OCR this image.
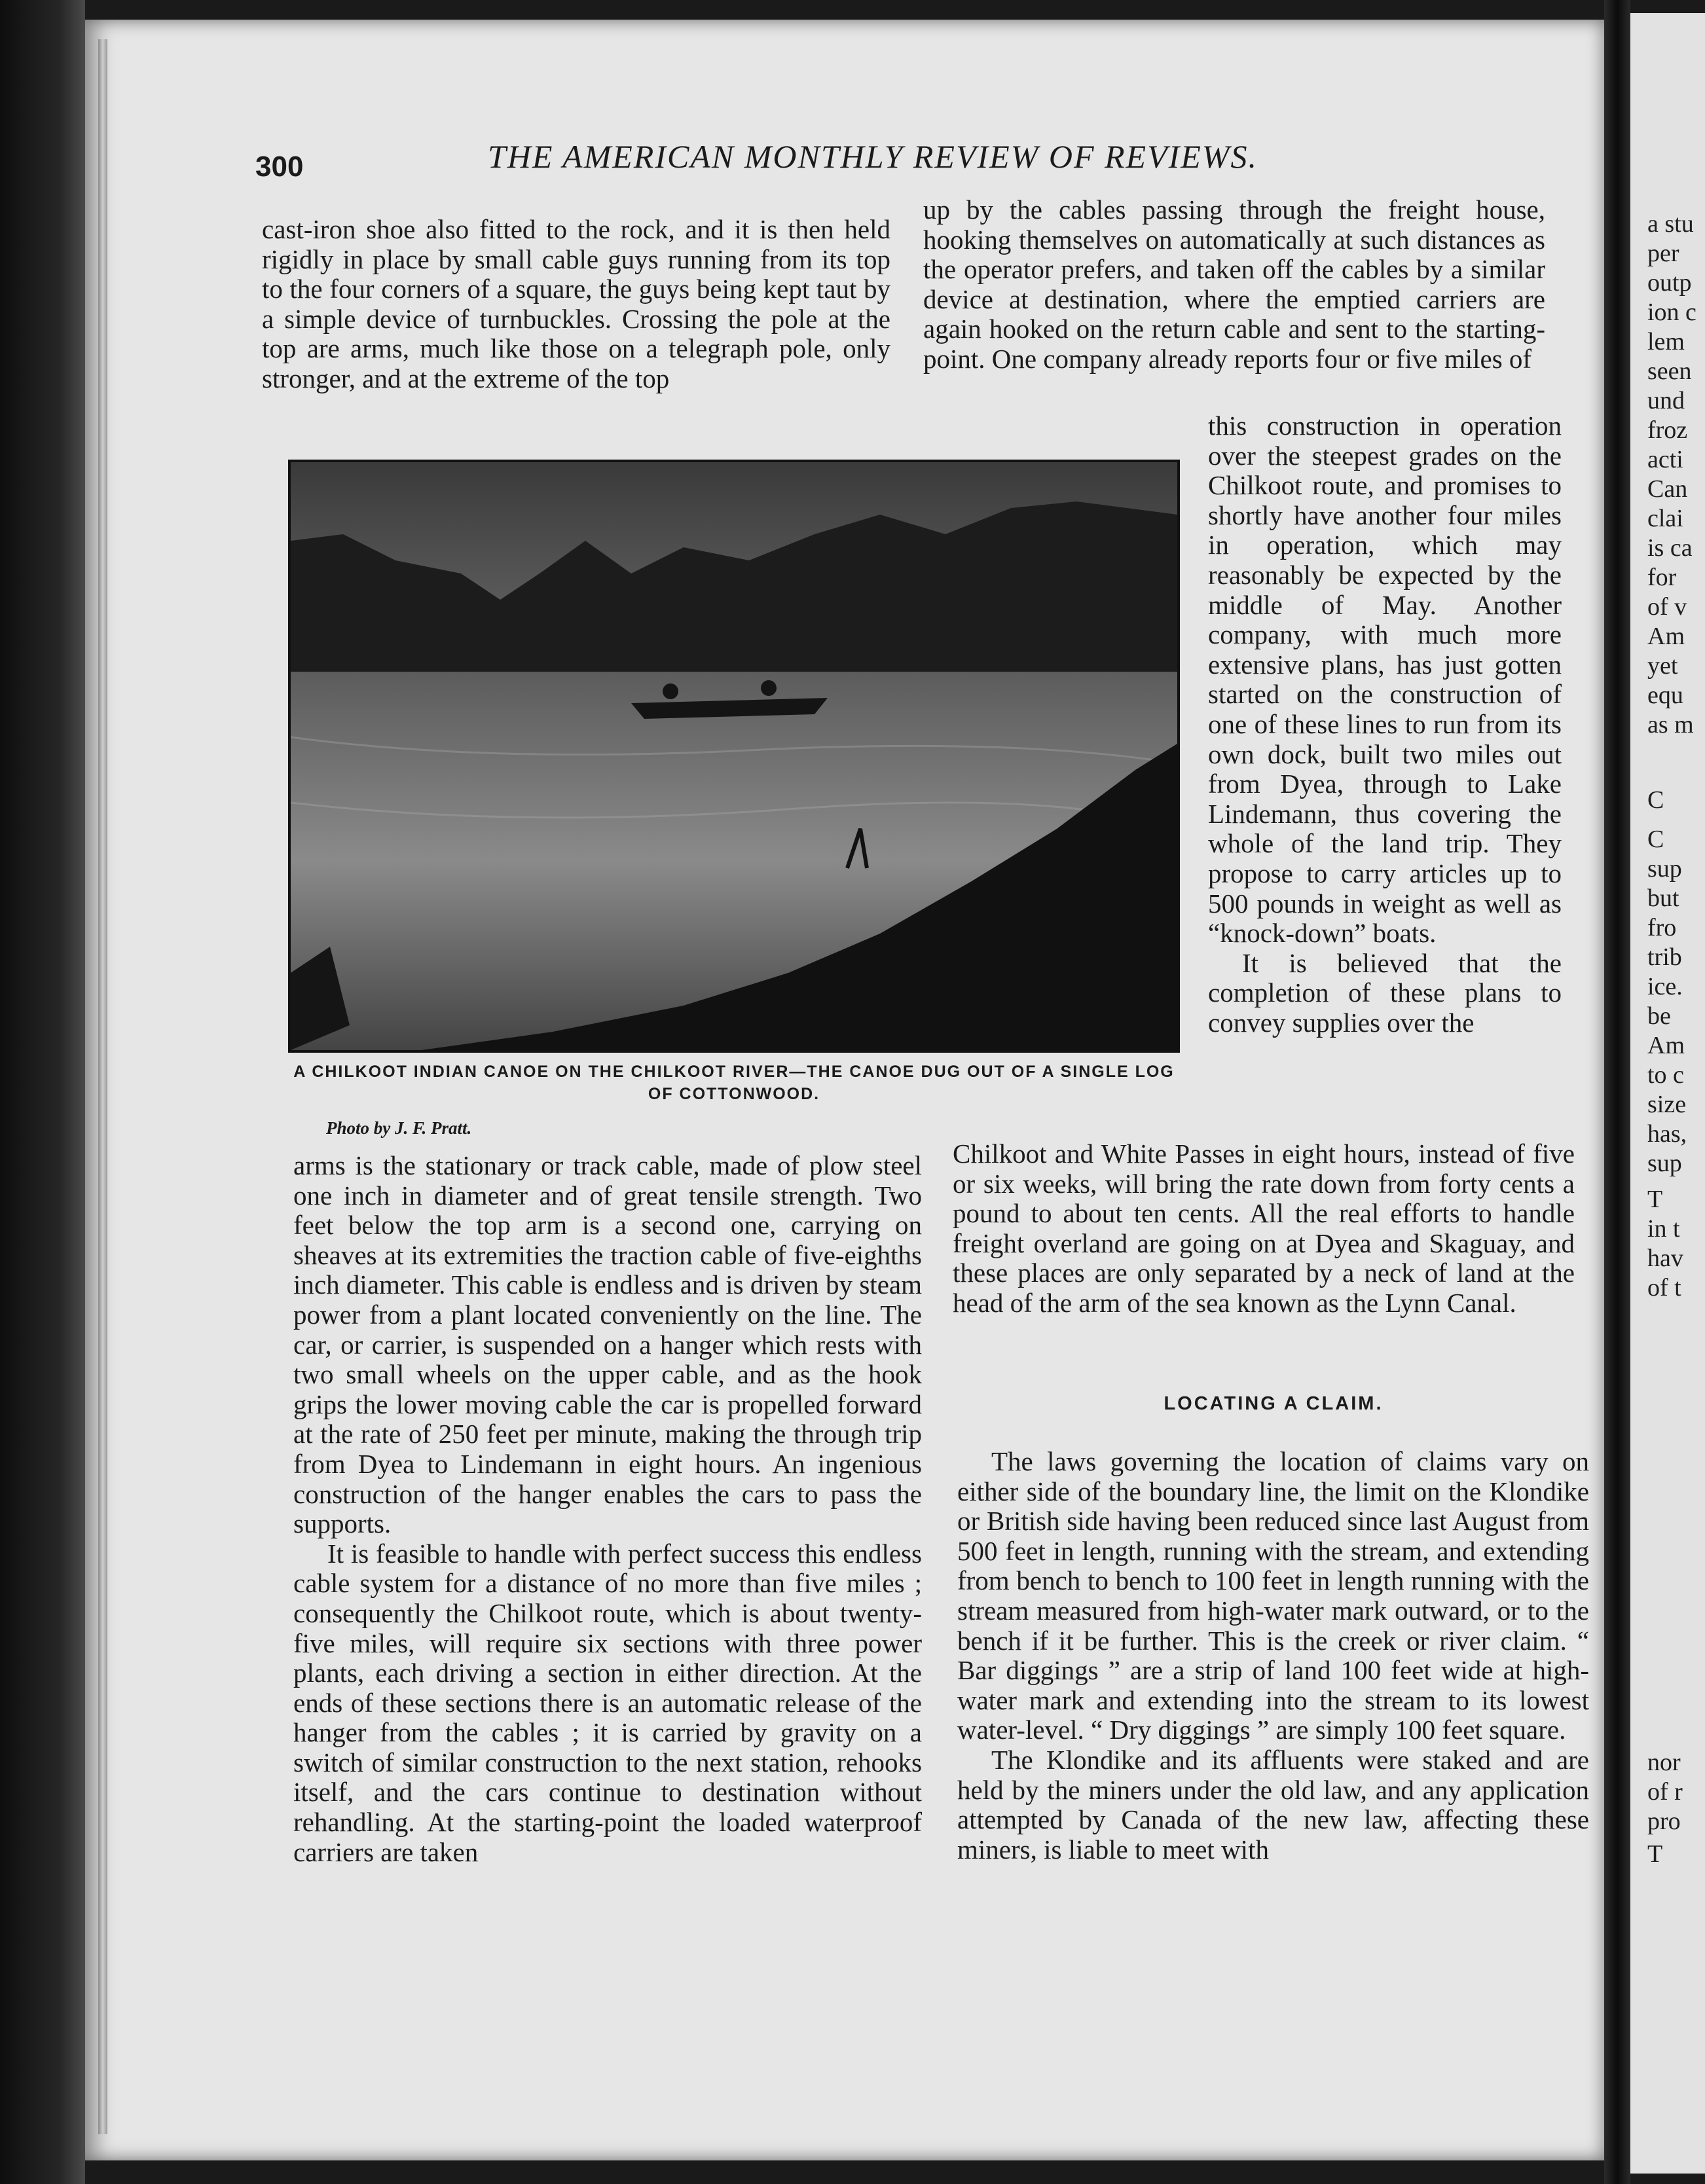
a stu
per
outp
ion c
lem
seen
und
froz
acti
Can
clai
is ca
for
of v
Am
yet
equ
as m
C
C
sup
but
fro
trib
ice.
be
Am
to c
size
has,
sup
T
in t
hav
of t
nor
of r
pro
T
300	THE AMERICAN MONTHLY REVIEW OF REVIEWS.

cast-iron shoe also fitted to the rock, and it is then held rigidly in place by small cable guys running from its top to the four corners of a square, the guys being kept taut by a simple device of turnbuckles. Crossing the pole at the top are arms, much like those on a telegraph pole, only stronger, and at the extreme of the top

up by the cables passing through the freight house, hooking themselves on automatically at such distances as the operator prefers, and taken off the cables by a similar device at destination, where the emptied carriers are again hooked on the return cable and sent to the starting-point. One company already reports four or five miles of

A CHILKOOT INDIAN CANOE ON THE CHILKOOT RIVER—THE CANOE DUG OUT OF A SINGLE LOG OF COTTONWOOD.
Photo by J. F. Pratt.

this construction in operation over the steepest grades on the Chilkoot route, and promises to shortly have another four miles in operation, which may reasonably be expected by the middle of May. Another company, with much more extensive plans, has just gotten started on the construction of one of these lines to run from its own dock, built two miles out from Dyea, through to Lake Lindemann, thus covering the whole of the land trip. They propose to carry articles up to 500 pounds in weight as well as “knock-down” boats.

It is believed that the completion of these plans to convey supplies over the

arms is the stationary or track cable, made of plow steel one inch in diameter and of great tensile strength. Two feet below the top arm is a second one, carrying on sheaves at its extremities the traction cable of five-eighths inch diameter. This cable is endless and is driven by steam power from a plant located conveniently on the line. The car, or carrier, is suspended on a hanger which rests with two small wheels on the upper cable, and as the hook grips the lower moving cable the car is propelled forward at the rate of 250 feet per minute, making the through trip from Dyea to Lindemann in eight hours. An ingenious construction of the hanger enables the cars to pass the supports.

It is feasible to handle with perfect success this endless cable system for a distance of no more than five miles ; consequently the Chilkoot route, which is about twenty-five miles, will require six sections with three power plants, each driving a section in either direction. At the ends of these sections there is an automatic release of the hanger from the cables ; it is carried by gravity on a switch of similar construction to the next station, rehooks itself, and the cars continue to destination without rehandling. At the starting-point the loaded waterproof carriers are taken

Chilkoot and White Passes in eight hours, instead of five or six weeks, will bring the rate down from forty cents a pound to about ten cents. All the real efforts to handle freight overland are going on at Dyea and Skaguay, and these places are only separated by a neck of land at the head of the arm of the sea known as the Lynn Canal.

LOCATING A CLAIM.

The laws governing the location of claims vary on either side of the boundary line, the limit on the Klondike or British side having been reduced since last August from 500 feet in length, running with the stream, and extending from bench to bench to 100 feet in length running with the stream measured from high-water mark outward, or to the bench if it be further. This is the creek or river claim. “ Bar diggings ” are a strip of land 100 feet wide at high-water mark and extending into the stream to its lowest water-level. “ Dry diggings ” are simply 100 feet square.

The Klondike and its affluents were staked and are held by the miners under the old law, and any application attempted by Canada of the new law, affecting these miners, is liable to meet with
